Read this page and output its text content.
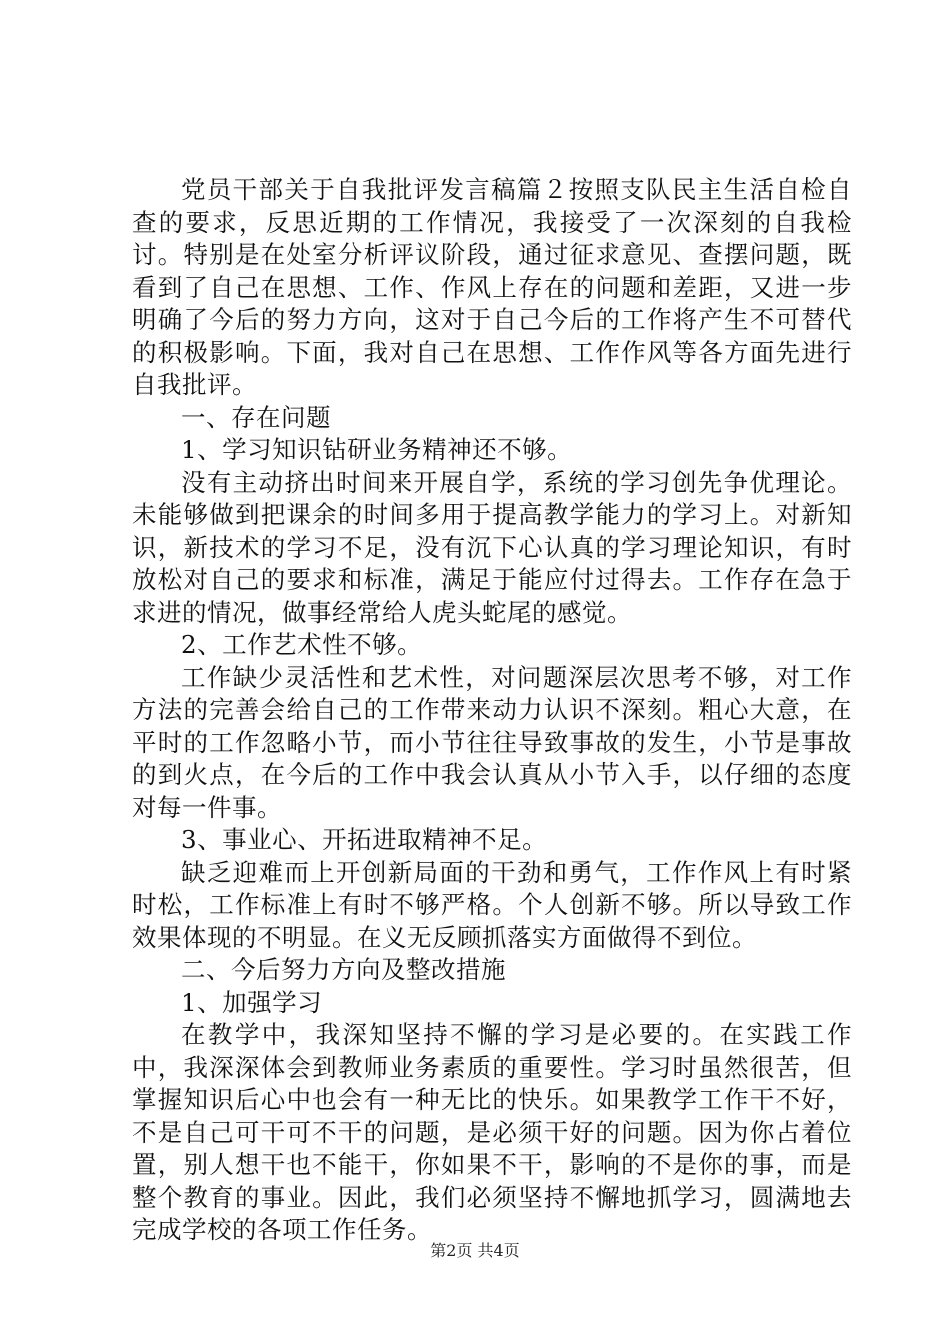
党员干部关于自我批评发言稿篇２按照支队民主生活自检自查的要求，反思近期的工作情况，我接受了一次深刻的自我检讨。特别是在处室分析评议阶段，通过征求意见、查摆问题，既看到了自己在思想、工作、作风上存在的问题和差距，又进一步明确了今后的努力方向，这对于自己今后的工作将产生不可替代的积极影响。下面，我对自己在思想、工作作风等各方面先进行自我批评。

一、存在问题

1、学习知识钻研业务精神还不够。

没有主动挤出时间来开展自学，系统的学习创先争优理论。未能够做到把课余的时间多用于提高教学能力的学习上。对新知识，新技术的学习不足，没有沉下心认真的学习理论知识，有时放松对自己的要求和标准，满足于能应付过得去。工作存在急于求进的情况，做事经常给人虎头蛇尾的感觉。

2、工作艺术性不够。

工作缺少灵活性和艺术性，对问题深层次思考不够，对工作方法的完善会给自己的工作带来动力认识不深刻。粗心大意，在平时的工作忽略小节，而小节往往导致事故的发生，小节是事故的到火点，在今后的工作中我会认真从小节入手，以仔细的态度对每一件事。

3、事业心、开拓进取精神不足。

缺乏迎难而上开创新局面的干劲和勇气，工作作风上有时紧时松，工作标准上有时不够严格。个人创新不够。所以导致工作效果体现的不明显。在义无反顾抓落实方面做得不到位。

二、今后努力方向及整改措施

1、加强学习

在教学中，我深知坚持不懈的学习是必要的。在实践工作中，我深深体会到教师业务素质的重要性。学习时虽然很苦，但掌握知识后心中也会有一种无比的快乐。如果教学工作干不好，不是自己可干可不干的问题，是必须干好的问题。因为你占着位置，别人想干也不能干，你如果不干，影响的不是你的事，而是整个教育的事业。因此，我们必须坚持不懈地抓学习，圆满地去完成学校的各项工作任务。

第2页 共4页
